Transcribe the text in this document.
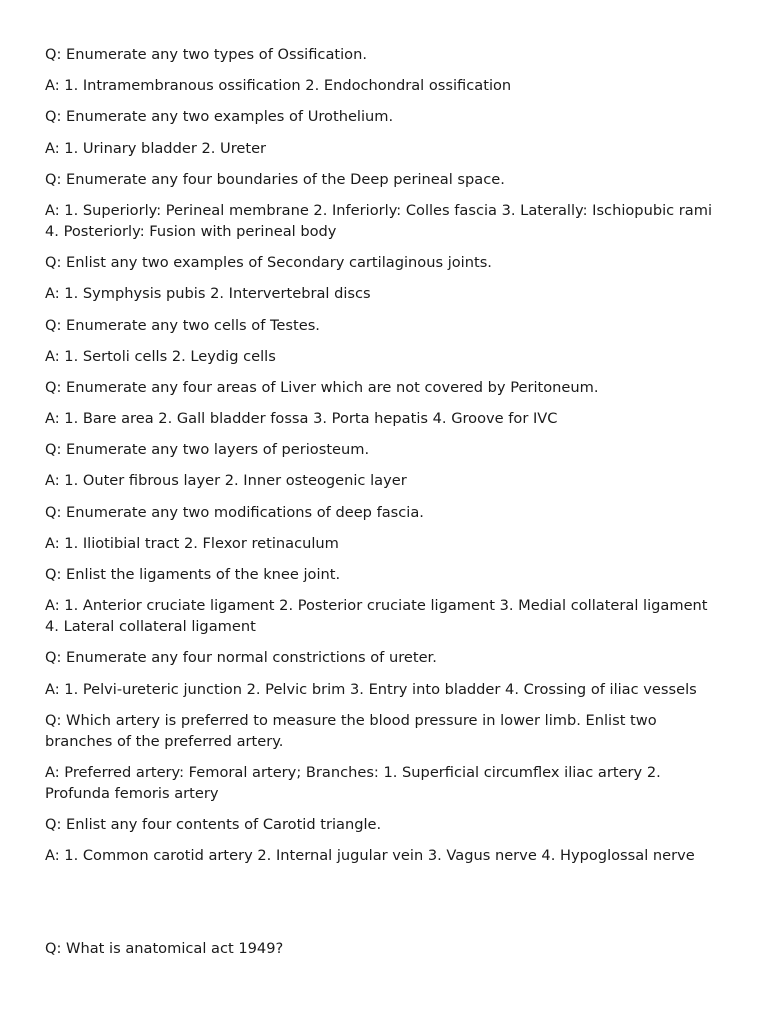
Q: Enumerate any two types of Ossification.

A: 1. Intramembranous ossification 2. Endochondral ossification

Q: Enumerate any two examples of Urothelium.

A: 1. Urinary bladder 2. Ureter

Q: Enumerate any four boundaries of the Deep perineal space.

A: 1. Superiorly: Perineal membrane 2. Inferiorly: Colles fascia 3. Laterally: Ischiopubic rami 4. Posteriorly: Fusion with perineal body

Q: Enlist any two examples of Secondary cartilaginous joints.

A: 1. Symphysis pubis 2. Intervertebral discs

Q: Enumerate any two cells of Testes.

A: 1. Sertoli cells 2. Leydig cells

Q: Enumerate any four areas of Liver which are not covered by Peritoneum.

A: 1. Bare area 2. Gall bladder fossa 3. Porta hepatis 4. Groove for IVC

Q: Enumerate any two layers of periosteum.

A: 1. Outer fibrous layer 2. Inner osteogenic layer

Q: Enumerate any two modifications of deep fascia.

A: 1. Iliotibial tract 2. Flexor retinaculum

Q: Enlist the ligaments of the knee joint.

A: 1. Anterior cruciate ligament 2. Posterior cruciate ligament 3. Medial collateral ligament 4. Lateral collateral ligament

Q: Enumerate any four normal constrictions of ureter.

A: 1. Pelvi-ureteric junction 2. Pelvic brim 3. Entry into bladder 4. Crossing of iliac vessels

Q: Which artery is preferred to measure the blood pressure in lower limb. Enlist two branches of the preferred artery.

A: Preferred artery: Femoral artery; Branches: 1. Superficial circumflex iliac artery 2. Profunda femoris artery

Q: Enlist any four contents of Carotid triangle.

A: 1. Common carotid artery 2. Internal jugular vein 3. Vagus nerve 4. Hypoglossal nerve

Q: What is anatomical act 1949?
